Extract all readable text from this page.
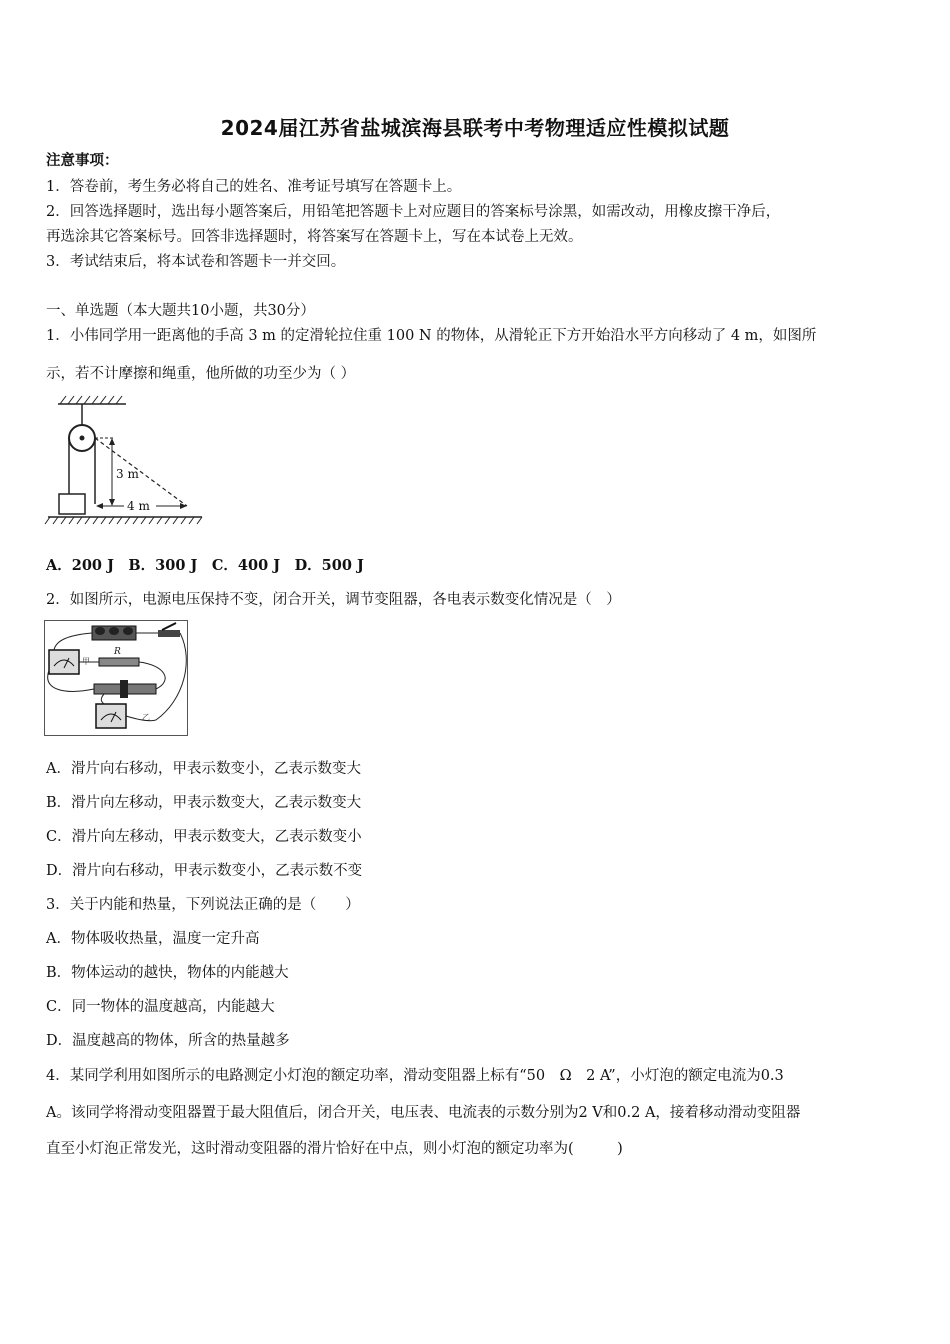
2024届江苏省盐城滨海县联考中考物理适应性模拟试题
注意事项：
1．答卷前，考生务必将自己的姓名、准考证号填写在答题卡上。
2．回答选择题时，选出每小题答案后，用铅笔把答题卡上对应题目的答案标号涂黑，如需改动，用橡皮擦干净后，
再选涂其它答案标号。回答非选择题时，将答案写在答题卡上，写在本试卷上无效。
3．考试结束后，将本试卷和答题卡一并交回。
一、单选题（本大题共10小题，共30分）
1．小伟同学用一距离他的手高 3 m 的定滑轮拉住重 100 N 的物体，从滑轮正下方开始沿水平方向移动了 4 m，如图所
示，若不计摩擦和绳重，他所做的功至少为（ ）
3 m
4 m
A．200 J　B．300 J　C．400 J　D．500 J
2．如图所示，电源电压保持不变，闭合开关，调节变阻器，各电表示数变化情况是（　）
甲
R
乙
A．滑片向右移动，甲表示数变小，乙表示数变大
B．滑片向左移动，甲表示数变大，乙表示数变大
C．滑片向左移动，甲表示数变大，乙表示数变小
D．滑片向右移动，甲表示数变小，乙表示数不变
3．关于内能和热量，下列说法正确的是（　　）
A．物体吸收热量，温度一定升高
B．物体运动的越快，物体的内能越大
C．同一物体的温度越高，内能越大
D．温度越高的物体，所含的热量越多
4．某同学利用如图所示的电路测定小灯泡的额定功率，滑动变阻器上标有“50　Ω　2 A”，小灯泡的额定电流为0.3
A。该同学将滑动变阻器置于最大阻值后，闭合开关，电压表、电流表的示数分别为2 V和0.2 A，接着移动滑动变阻器
直至小灯泡正常发光，这时滑动变阻器的滑片恰好在中点，则小灯泡的额定功率为(　　　)
